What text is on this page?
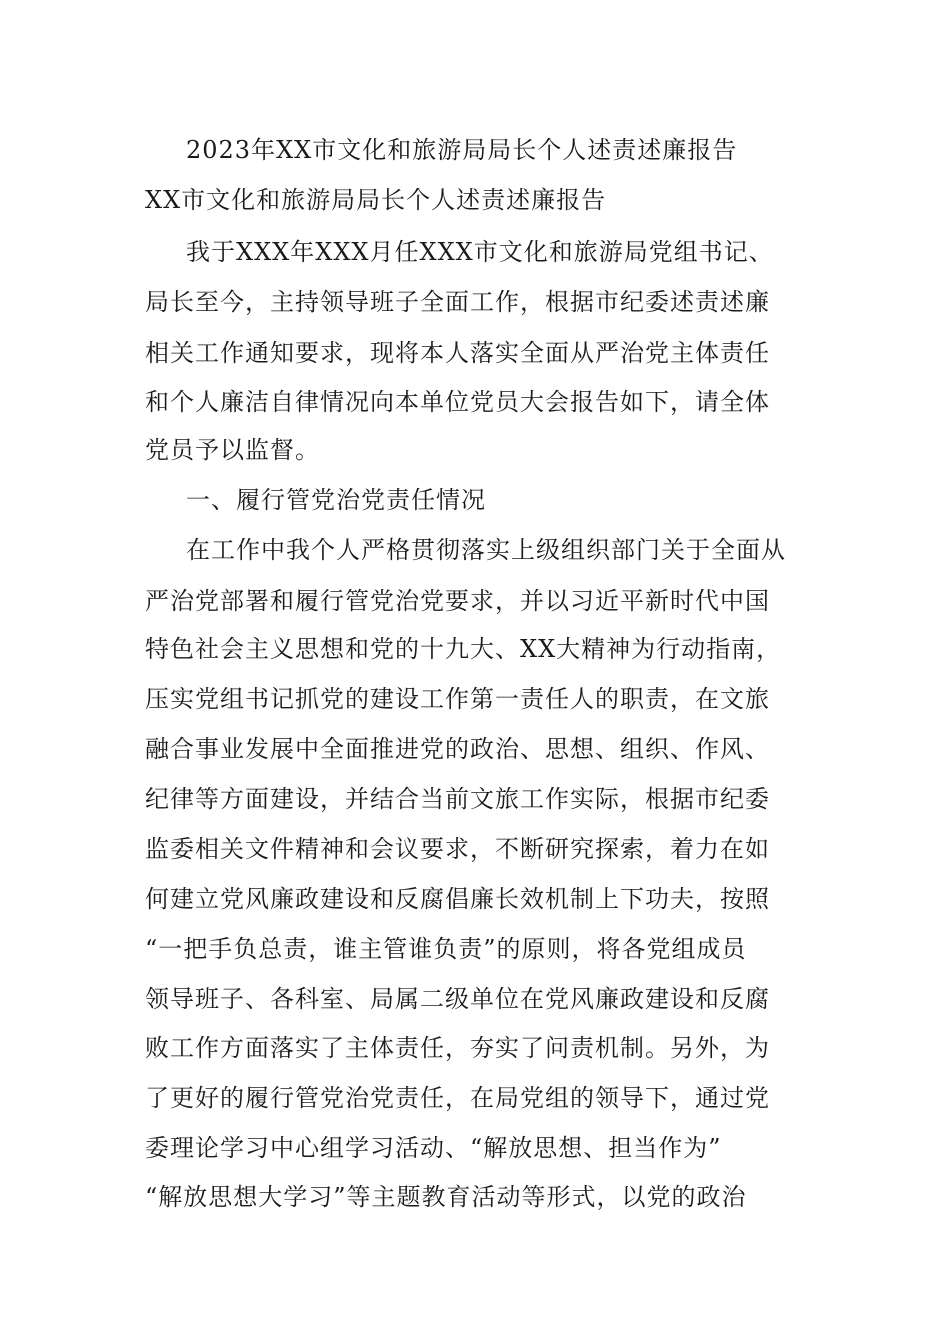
2023年XX市文化和旅游局局长个人述责述廉报告
XX市文化和旅游局局长个人述责述廉报告
我于XXX年XXX月任XXX市文化和旅游局党组书记、
局长至今，主持领导班子全面工作，根据市纪委述责述廉
相关工作通知要求，现将本人落实全面从严治党主体责任
和个人廉洁自律情况向本单位党员大会报告如下，请全体
党员予以监督。
一、履行管党治党责任情况
在工作中我个人严格贯彻落实上级组织部门关于全面从
严治党部署和履行管党治党要求，并以习近平新时代中国
特色社会主义思想和党的十九大、XX大精神为行动指南，
压实党组书记抓党的建设工作第一责任人的职责，在文旅
融合事业发展中全面推进党的政治、思想、组织、作风、
纪律等方面建设，并结合当前文旅工作实际，根据市纪委
监委相关文件精神和会议要求，不断研究探索，着力在如
何建立党风廉政建设和反腐倡廉长效机制上下功夫，按照
“一把手负总责，谁主管谁负责”的原则，将各党组成员
领导班子、各科室、局属二级单位在党风廉政建设和反腐
败工作方面落实了主体责任，夯实了问责机制。另外，为
了更好的履行管党治党责任，在局党组的领导下，通过党
委理论学习中心组学习活动、“解放思想、担当作为”
“解放思想大学习”等主题教育活动等形式，以党的政治
